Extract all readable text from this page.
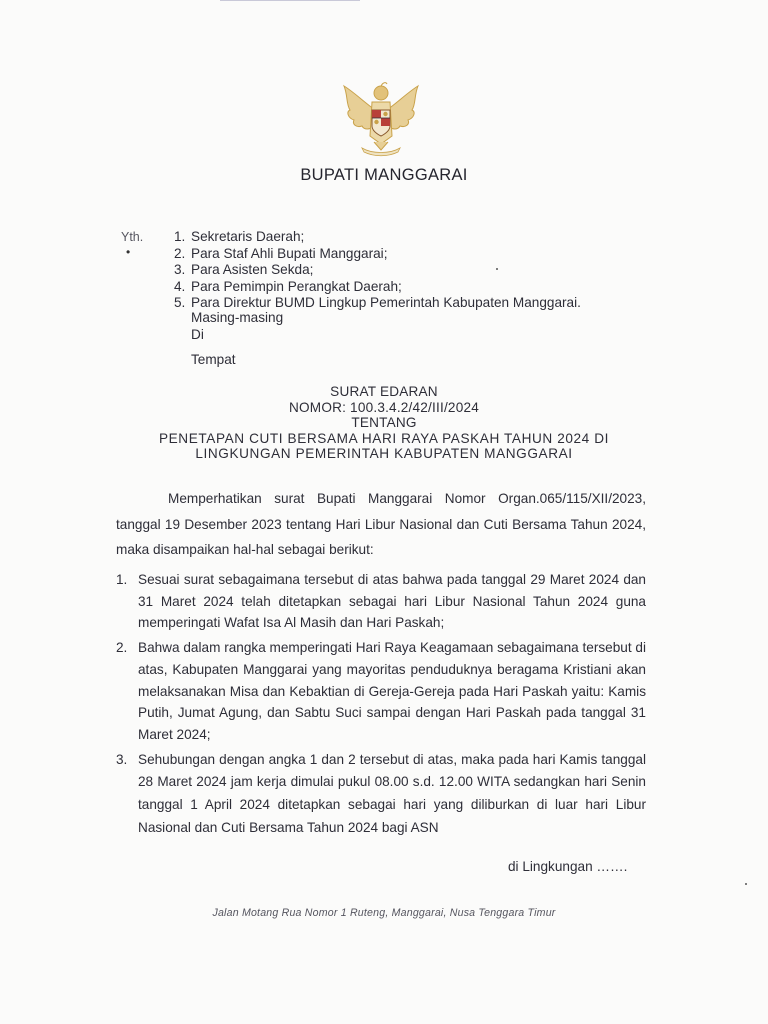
BUPATI MANGGARAI
Yth.
•
1. Sekretaris Daerah;
2. Para Staf Ahli Bupati Manggarai;
3. Para Asisten Sekda;
4. Para Pemimpin Perangkat Daerah;
5. Para Direktur BUMD Lingkup Pemerintah Kabupaten Manggarai.
Masing-masing
Di
Tempat
SURAT EDARAN
NOMOR: 100.3.4.2/42/III/2024
TENTANG
PENETAPAN CUTI BERSAMA HARI RAYA PASKAH TAHUN 2024 DI
LINGKUNGAN PEMERINTAH KABUPATEN MANGGARAI
Memperhatikan surat Bupati Manggarai Nomor Organ.065/115/XII/2023, tanggal 19 Desember 2023 tentang Hari Libur Nasional dan Cuti Bersama Tahun 2024, maka disampaikan hal-hal sebagai berikut:
1. Sesuai surat sebagaimana tersebut di atas bahwa pada tanggal 29 Maret 2024 dan 31 Maret 2024 telah ditetapkan sebagai hari Libur Nasional Tahun 2024 guna memperingati Wafat Isa Al Masih dan Hari Paskah;
2. Bahwa dalam rangka memperingati Hari Raya Keagamaan sebagaimana tersebut di atas, Kabupaten Manggarai yang mayoritas penduduknya beragama Kristiani akan melaksanakan Misa dan Kebaktian di Gereja-Gereja pada Hari Paskah yaitu: Kamis Putih, Jumat Agung, dan Sabtu Suci sampai dengan Hari Paskah pada tanggal 31 Maret 2024;
3. Sehubungan dengan angka 1 dan 2 tersebut di atas, maka pada hari Kamis tanggal 28 Maret 2024 jam kerja dimulai pukul 08.00 s.d. 12.00 WITA sedangkan hari Senin tanggal 1 April 2024 ditetapkan sebagai hari yang diliburkan di luar hari Libur Nasional dan Cuti Bersama Tahun 2024 bagi ASN
di Lingkungan …….
Jalan Motang Rua Nomor 1 Ruteng, Manggarai, Nusa Tenggara Timur
